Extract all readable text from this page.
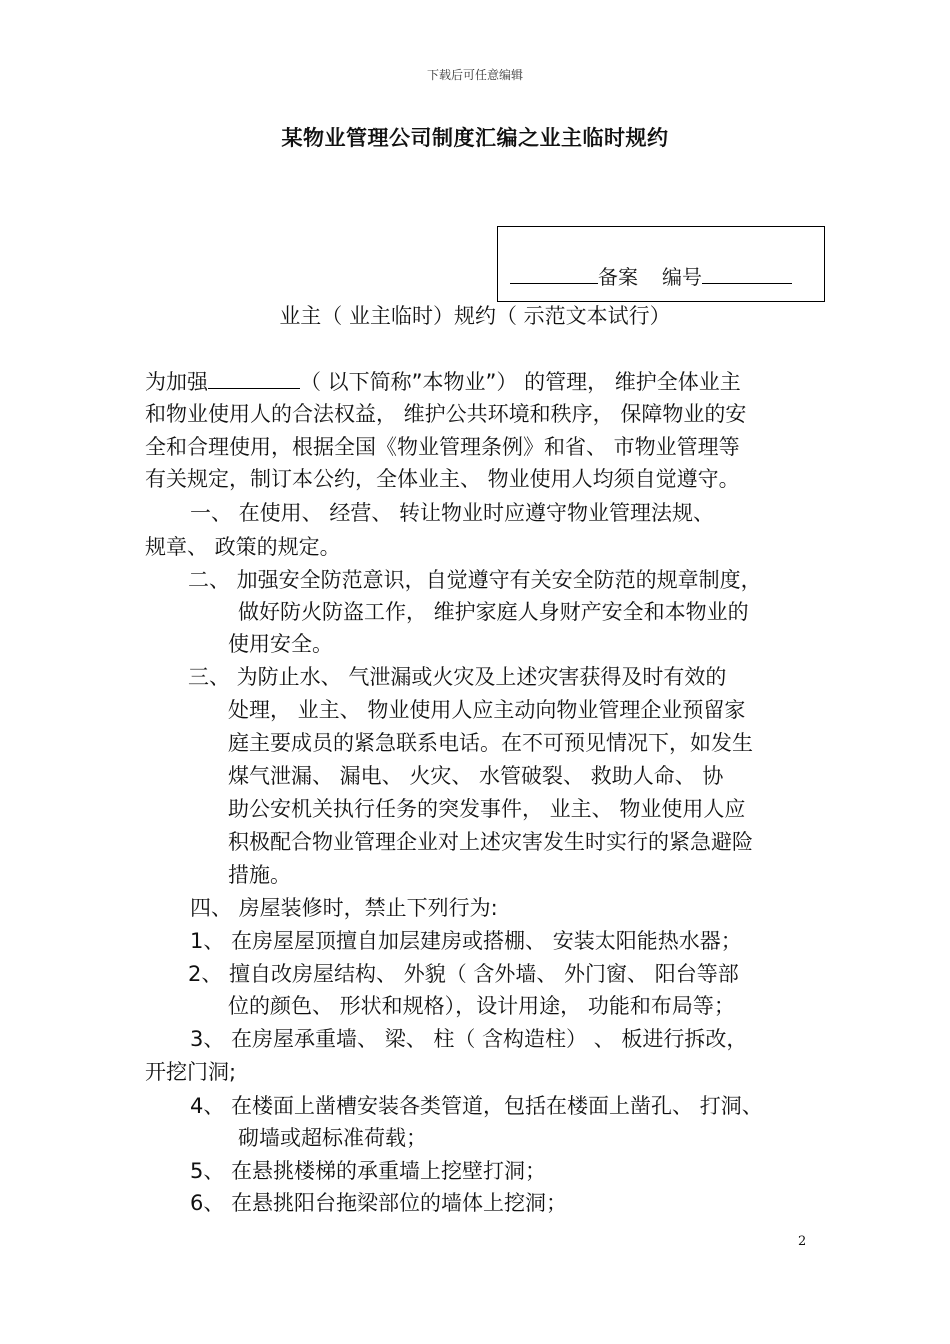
下载后可任意编辑
某物业管理公司制度汇编之业主临时规约
备案 编号
业主（ 业主临时）规约（ 示范文本试行）
为加强	（ 以下简称”本物业”） 的管理， 维护全体业主
和物业使用人的合法权益， 维护公共环境和秩序， 保障物业的安
全和合理使用，根据全国《物业管理条例》和省、 市物业管理等
有关规定，制订本公约，全体业主、 物业使用人均须自觉遵守。
一、 在使用、 经营、 转让物业时应遵守物业管理法规、
规章、 政策的规定。
二、 加强安全防范意识，自觉遵守有关安全防范的规章制度，
做好防火防盗工作， 维护家庭人身财产安全和本物业的
使用安全。
三、 为防止水、 气泄漏或火灾及上述灾害获得及时有效的
处理， 业主、 物业使用人应主动向物业管理企业预留家
庭主要成员的紧急联系电话。在不可预见情况下，如发生
煤气泄漏、 漏电、 火灾、 水管破裂、 救助人命、 协
助公安机关执行任务的突发事件， 业主、 物业使用人应
积极配合物业管理企业对上述灾害发生时实行的紧急避险
措施。
四、 房屋装修时，禁止下列行为:
1、 在房屋屋顶擅自加层建房或搭棚、 安装太阳能热水器；
2、 擅自改房屋结构、 外貌（ 含外墙、 外门窗、 阳台等部
位的颜色、 形状和规格），设计用途， 功能和布局等；
3、 在房屋承重墙、 梁、 柱（ 含构造柱） 、 板进行拆改，
开挖门洞;
4、 在楼面上凿槽安装各类管道，包括在楼面上凿孔、 打洞、
砌墙或超标准荷载；
5、 在悬挑楼梯的承重墙上挖壁打洞；
6、 在悬挑阳台拖梁部位的墙体上挖洞；
2
